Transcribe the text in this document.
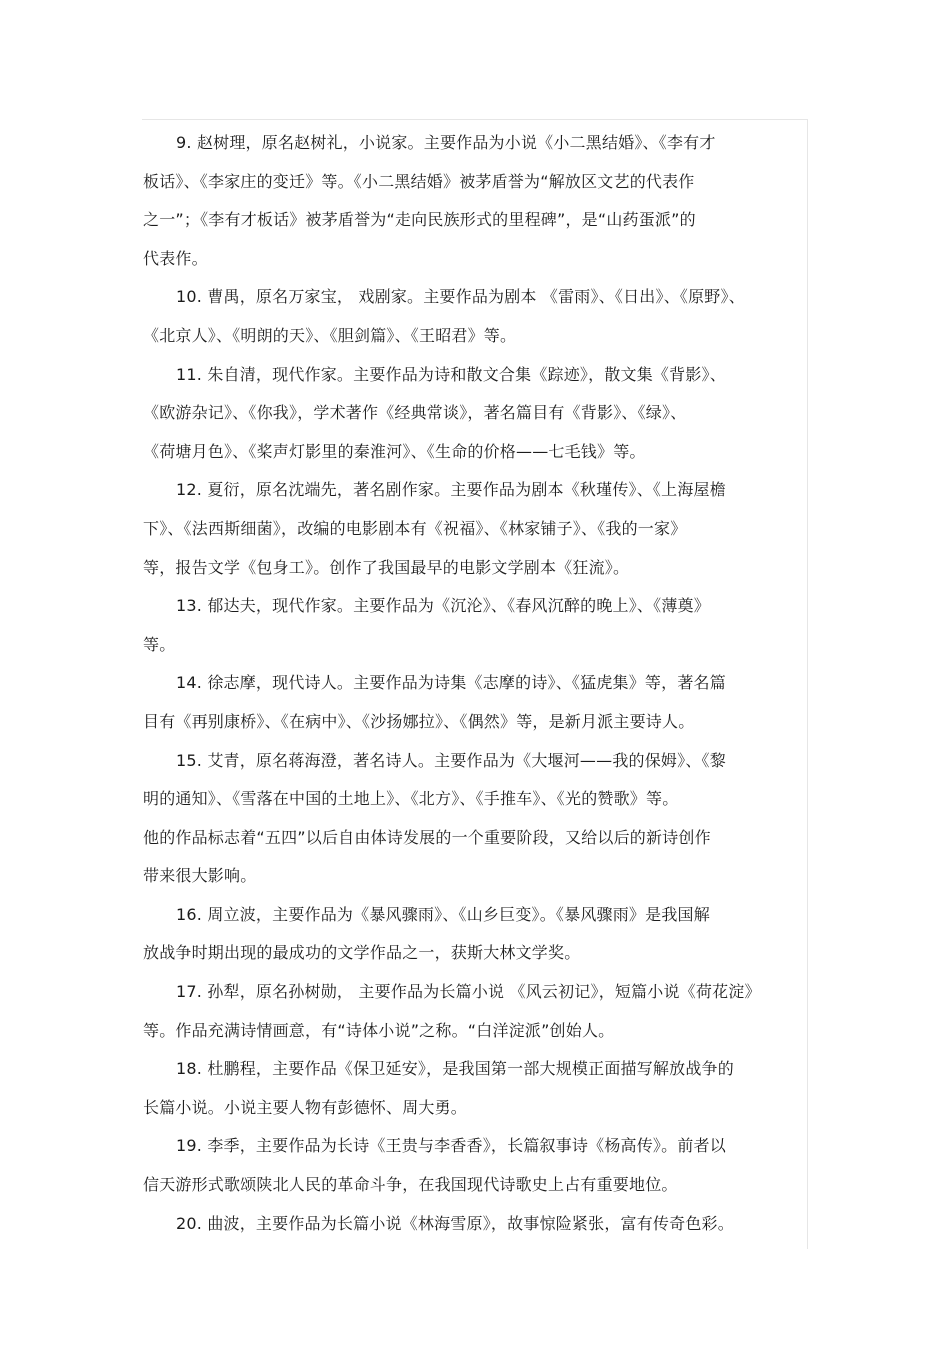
9. 赵树理，原名赵树礼，小说家。主要作品为小说《小二黑结婚》、《李有才
板话》、《李家庄的变迁》等。《小二黑结婚》被茅盾誉为“解放区文艺的代表作
之一”；《李有才板话》被茅盾誉为“走向民族形式的里程碑”，是“山药蛋派”的
代表作。
10. 曹禺，原名万家宝， 戏剧家。主要作品为剧本 《雷雨》、《日出》、《原野》、
《北京人》、《明朗的天》、《胆剑篇》、《王昭君》等。
11. 朱自清，现代作家。主要作品为诗和散文合集《踪迹》，散文集《背影》、
《欧游杂记》、《你我》，学术著作《经典常谈》，著名篇目有《背影》、《绿》、
《荷塘月色》、《桨声灯影里的秦淮河》、《生命的价格——七毛钱》等。
12. 夏衍，原名沈端先，著名剧作家。主要作品为剧本《秋瑾传》、《上海屋檐
下》、《法西斯细菌》，改编的电影剧本有《祝福》、《林家铺子》、《我的一家》
等，报告文学《包身工》。创作了我国最早的电影文学剧本《狂流》。
13. 郁达夫，现代作家。主要作品为《沉沦》、《春风沉醉的晚上》、《薄奠》
等。
14. 徐志摩，现代诗人。主要作品为诗集《志摩的诗》、《猛虎集》等，著名篇
目有《再别康桥》、《在病中》、《沙扬娜拉》、《偶然》等，是新月派主要诗人。
15. 艾青，原名蒋海澄，著名诗人。主要作品为《大堰河——我的保姆》、《黎
明的通知》、《雪落在中国的土地上》、《北方》、《手推车》、《光的赞歌》等。
他的作品标志着“五四”以后自由体诗发展的一个重要阶段，又给以后的新诗创作
带来很大影响。
16. 周立波，主要作品为《暴风骤雨》、《山乡巨变》。《暴风骤雨》是我国解
放战争时期出现的最成功的文学作品之一，获斯大林文学奖。
17. 孙犁，原名孙树勋， 主要作品为长篇小说 《风云初记》，短篇小说《荷花淀》
等。作品充满诗情画意，有“诗体小说”之称。“白洋淀派”创始人。
18. 杜鹏程，主要作品《保卫延安》，是我国第一部大规模正面描写解放战争的
长篇小说。小说主要人物有彭德怀、周大勇。
19. 李季，主要作品为长诗《王贵与李香香》，长篇叙事诗《杨高传》。前者以
信天游形式歌颂陕北人民的革命斗争，在我国现代诗歌史上占有重要地位。
20. 曲波，主要作品为长篇小说《林海雪原》，故事惊险紧张，富有传奇色彩。
